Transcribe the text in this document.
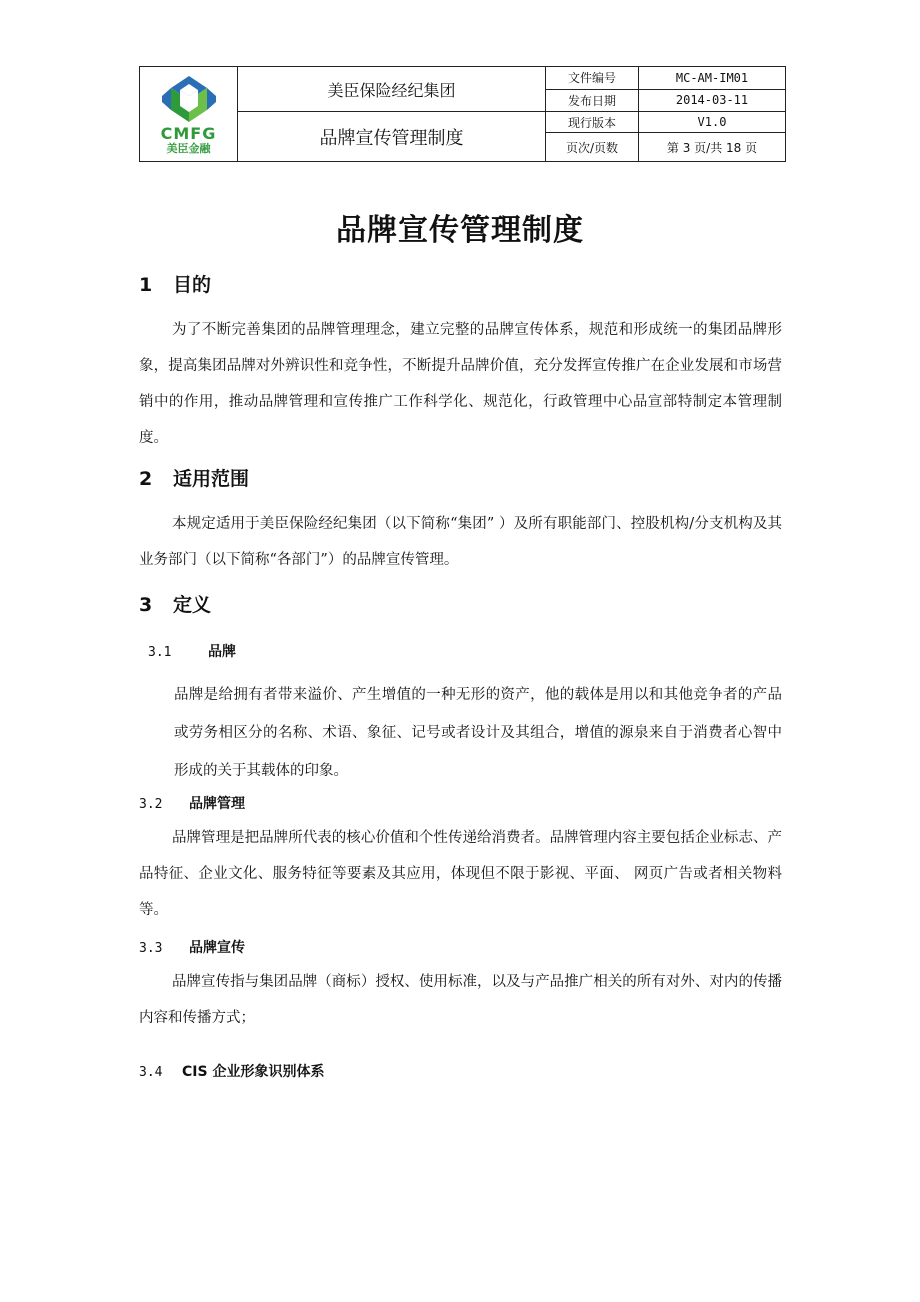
CMFG
美臣金融	美臣保险经纪集团	文件编号	MC-AM-IM01
		发布日期	2014-03-11
	品牌宣传管理制度	现行版本	V1.0
		页次/页数	第 3 页/共 18 页
品牌宣传管理制度
1 目的
为了不断完善集团的品牌管理理念，建立完整的品牌宣传体系，规范和形成统一的集团品牌形象，提高集团品牌对外辨识性和竞争性，不断提升品牌价值，充分发挥宣传推广在企业发展和市场营销中的作用，推动品牌管理和宣传推广工作科学化、规范化，行政管理中心品宣部特制定本管理制度。
2 适用范围
本规定适用于美臣保险经纪集团（以下简称“集团” ）及所有职能部门、控股机构/分支机构及其业务部门（以下简称“各部门”）的品牌宣传管理。
3 定义
3.1	品牌
品牌是给拥有者带来溢价、产生增值的一种无形的资产，他的载体是用以和其他竞争者的产品或劳务相区分的名称、术语、象征、记号或者设计及其组合，增值的源泉来自于消费者心智中形成的关于其载体的印象。
3.2 品牌管理
品牌管理是把品牌所代表的核心价值和个性传递给消费者。品牌管理内容主要包括企业标志、产品特征、企业文化、服务特征等要素及其应用，体现但不限于影视、平面、 网页广告或者相关物料等。
3.3 品牌宣传
品牌宣传指与集团品牌（商标）授权、使用标准，以及与产品推广相关的所有对外、对内的传播内容和传播方式；
3.4 CIS 企业形象识别体系
